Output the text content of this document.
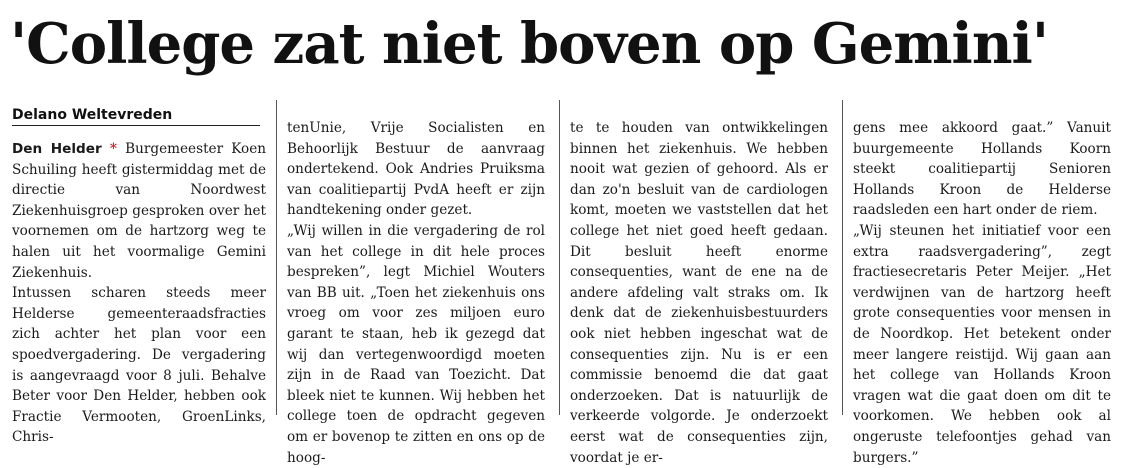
'College zat niet boven op Gemini'
Delano Weltevreden

Den Helder * Burgemeester Koen Schuiling heeft gistermiddag met de directie van Noordwest Ziekenhuisgroep gesproken over het voornemen om de hartzorg weg te halen uit het voormalige Gemini Ziekenhuis.

Intussen scharen steeds meer Helderse gemeenteraadsfracties zich achter het plan voor een spoedvergadering. De vergadering is aangevraagd voor 8 juli. Behalve Beter voor Den Helder, hebben ook Fractie Vermooten, GroenLinks, Chris-

tenUnie, Vrije Socialisten en Behoorlijk Bestuur de aanvraag ondertekend. Ook Andries Pruiksma van coalitiepartij PvdA heeft er zijn handtekening onder gezet.

„Wij willen in die vergadering de rol van het college in dit hele proces bespreken”, legt Michiel Wouters van BB uit. „Toen het ziekenhuis ons vroeg om voor zes miljoen euro garant te staan, heb ik gezegd dat wij dan vertegenwoordigd moeten zijn in de Raad van Toezicht. Dat bleek niet te kunnen. Wij hebben het college toen de opdracht gegeven om er bovenop te zitten en ons op de hoog-

te te houden van ontwikkelingen binnen het ziekenhuis. We hebben nooit wat gezien of gehoord. Als er dan zo'n besluit van de cardiologen komt, moeten we vaststellen dat het college het niet goed heeft gedaan. Dit besluit heeft enorme consequenties, want de ene na de andere afdeling valt straks om. Ik denk dat de ziekenhuisbestuurders ook niet hebben ingeschat wat de consequenties zijn. Nu is er een commissie benoemd die dat gaat onderzoeken. Dat is natuurlijk de verkeerde volgorde. Je onderzoekt eerst wat de consequenties zijn, voordat je er-

gens mee akkoord gaat.” Vanuit buurgemeente Hollands Koorn steekt coalitiepartij Senioren Hollands Kroon de Helderse raadsleden een hart onder de riem.

„Wij steunen het initiatief voor een extra raadsvergadering”, zegt fractiesecretaris Peter Meijer. „Het verdwijnen van de hartzorg heeft grote consequenties voor mensen in de Noordkop. Het betekent onder meer langere reistijd. Wij gaan aan het college van Hollands Kroon vragen wat die gaat doen om dit te voorkomen. We hebben ook al ongeruste telefoontjes gehad van burgers.”
